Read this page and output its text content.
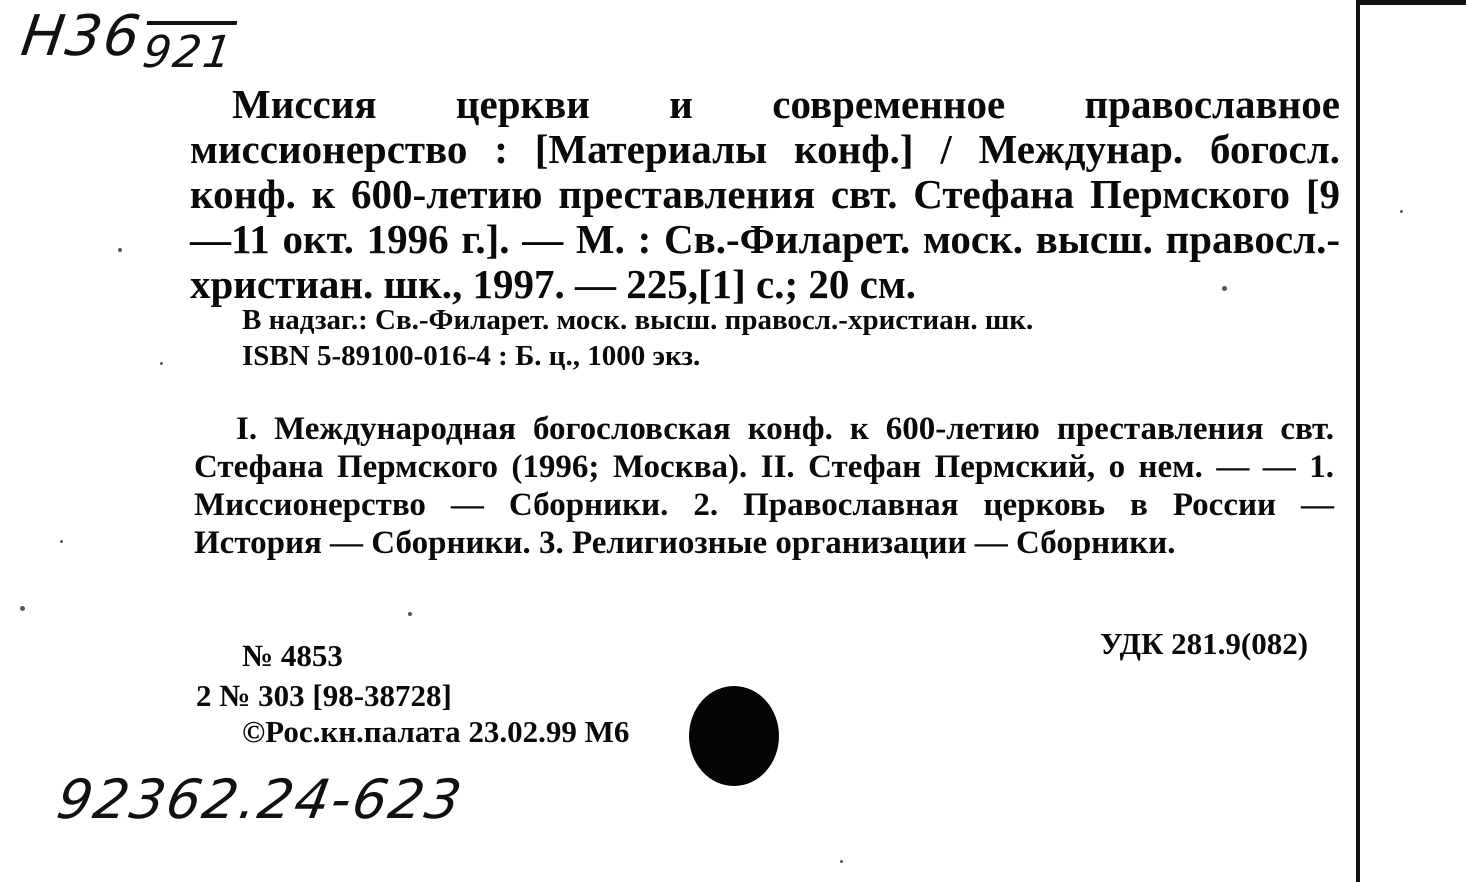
Н36921

Миссия церкви и современное православное миссионерство : [Материалы конф.] / Междунар. богосл. конф. к 600-летию преставления свт. Стефана Пермского [9—11 окт. 1996 г.]. — М. : Св.-Филарет. моск. высш. правосл.-христиан. шк., 1997. — 225,[1] с.; 20 см.

В надзаг.: Св.-Филарет. моск. высш. правосл.-христиан. шк.

ISBN 5-89100-016-4 : Б. ц., 1000 экз.

I. Международная богословская конф. к 600-летию преставления свт. Стефана Пермского (1996; Москва). II. Стефан Пермский, о нем. — — 1. Миссионерство — Сборники. 2. Православная церковь в России — История — Сборники. 3. Религиозные организации — Сборники.

№ 4853

2 № 303 [98-38728]

©Рос.кн.палата 23.02.99 М6

УДК 281.9(082)

92362.24-623
